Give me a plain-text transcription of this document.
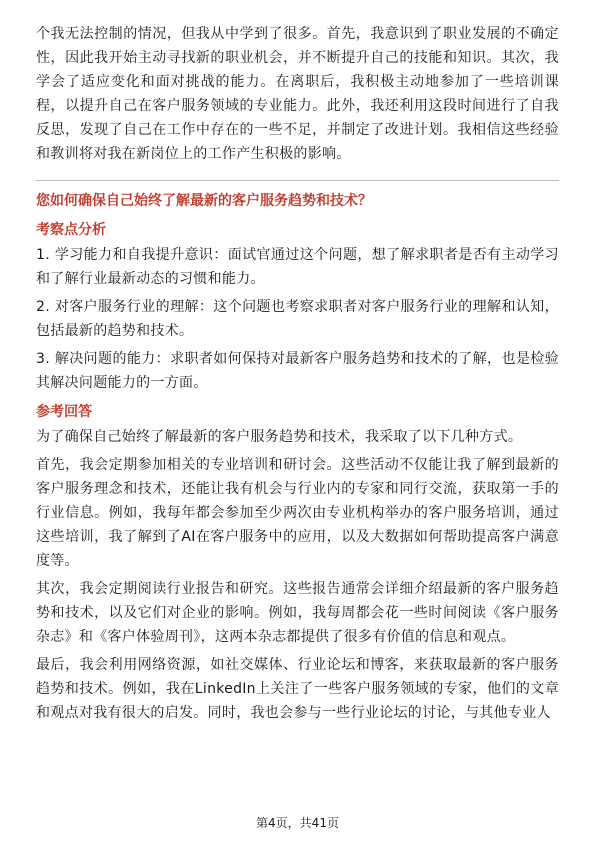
个我无法控制的情况，但我从中学到了很多。首先，我意识到了职业发展的不确定性，因此我开始主动寻找新的职业机会，并不断提升自己的技能和知识。其次，我学会了适应变化和面对挑战的能力。在离职后，我积极主动地参加了一些培训课程，以提升自己在客户服务领域的专业能力。此外，我还利用这段时间进行了自我反思，发现了自己在工作中存在的一些不足，并制定了改进计划。我相信这些经验和教训将对我在新岗位上的工作产生积极的影响。

您如何确保自己始终了解最新的客户服务趋势和技术？
考察点分析

1. 学习能力和自我提升意识：面试官通过这个问题，想了解求职者是否有主动学习和了解行业最新动态的习惯和能力。

2. 对客户服务行业的理解：这个问题也考察求职者对客户服务行业的理解和认知，包括最新的趋势和技术。

3. 解决问题的能力：求职者如何保持对最新客户服务趋势和技术的了解，也是检验其解决问题能力的一方面。

参考回答

为了确保自己始终了解最新的客户服务趋势和技术，我采取了以下几种方式。

首先，我会定期参加相关的专业培训和研讨会。这些活动不仅能让我了解到最新的客户服务理念和技术，还能让我有机会与行业内的专家和同行交流，获取第一手的行业信息。例如，我每年都会参加至少两次由专业机构举办的客户服务培训，通过这些培训，我了解到了AI在客户服务中的应用，以及大数据如何帮助提高客户满意度等。

其次，我会定期阅读行业报告和研究。这些报告通常会详细介绍最新的客户服务趋势和技术，以及它们对企业的影响。例如，我每周都会花一些时间阅读《客户服务杂志》和《客户体验周刊》，这两本杂志都提供了很多有价值的信息和观点。

最后，我会利用网络资源，如社交媒体、行业论坛和博客，来获取最新的客户服务趋势和技术。例如，我在LinkedIn上关注了一些客户服务领域的专家，他们的文章和观点对我有很大的启发。同时，我也会参与一些行业论坛的讨论，与其他专业人

第4页，共41页
